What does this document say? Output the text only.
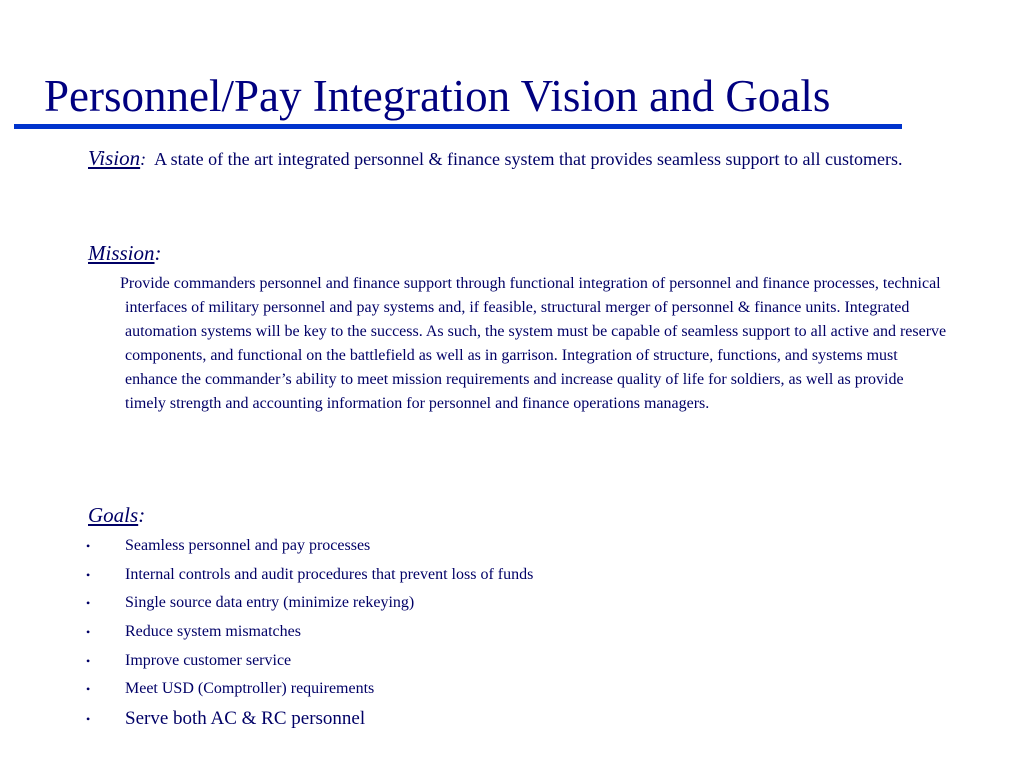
Personnel/Pay Integration Vision and Goals
Vision: A state of the art integrated personnel & finance system that provides seamless support to all customers.
Mission:
Provide commanders personnel and finance support through functional integration of personnel and finance processes, technical interfaces of military personnel and pay systems and, if feasible, structural merger of personnel & finance units. Integrated automation systems will be key to the success. As such, the system must be capable of seamless support to all active and reserve components, and functional on the battlefield as well as in garrison. Integration of structure, functions, and systems must enhance the commander’s ability to meet mission requirements and increase quality of life for soldiers, as well as provide timely strength and accounting information for personnel and finance operations managers.
Goals:
• Seamless personnel and pay processes
• Internal controls and audit procedures that prevent loss of funds
• Single source data entry (minimize rekeying)
• Reduce system mismatches
• Improve customer service
• Meet USD (Comptroller) requirements
• Serve both AC & RC personnel
